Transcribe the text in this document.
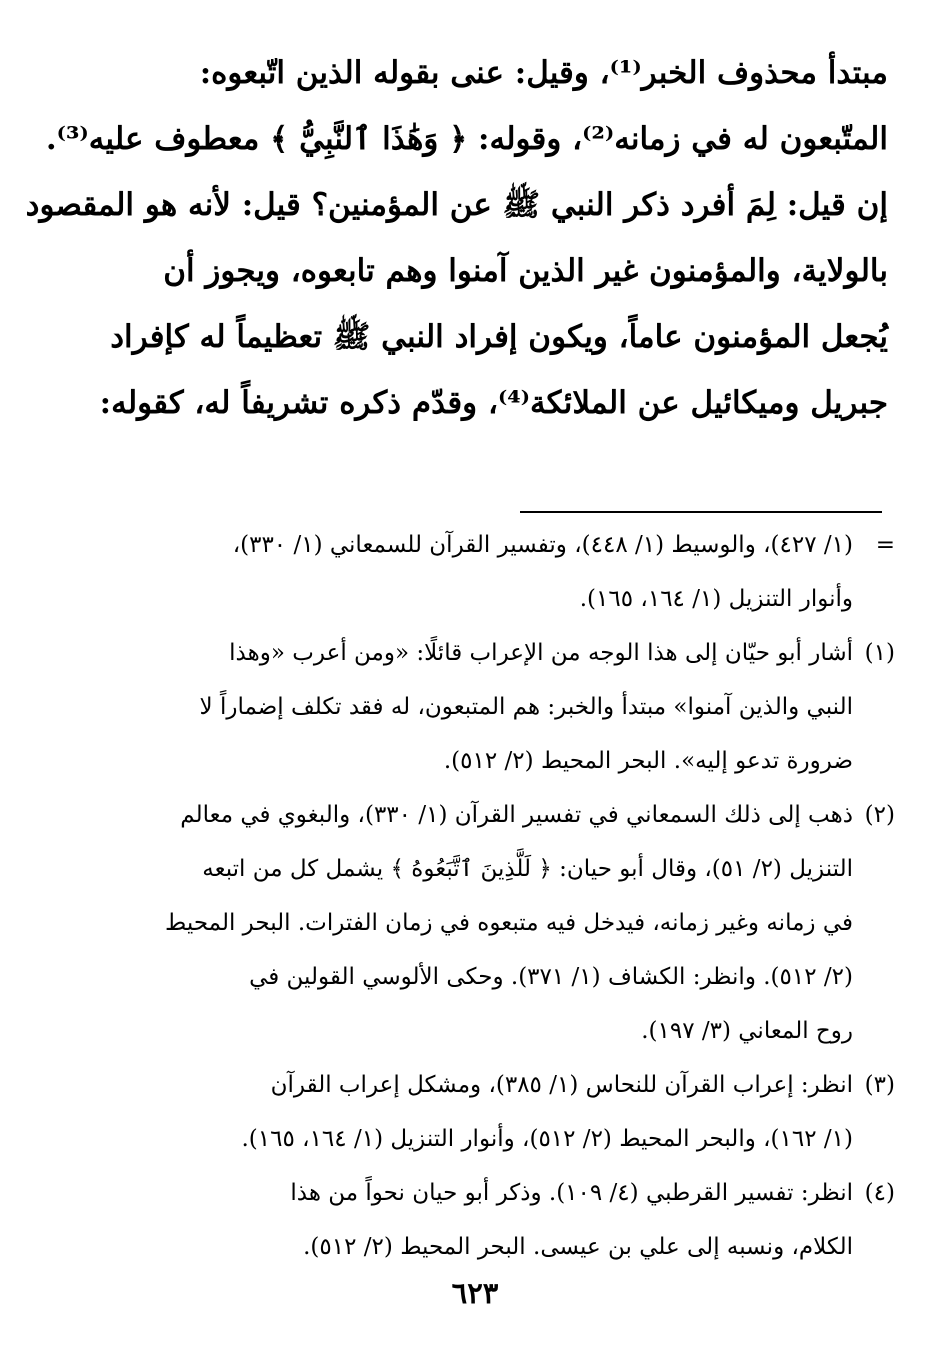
مبتدأ محذوف الخبر⁽¹⁾، وقيل: عنى بقوله الذين اتّبعوه:
المتّبعون له في زمانه⁽²⁾، وقوله: ﴿ وَهَٰذَا ٱلنَّبِيُّ ﴾ معطوف عليه⁽³⁾.
إن قيل: لِمَ أفرد ذكر النبي ﷺ عن المؤمنين؟ قيل: لأنه هو المقصود
بالولاية، والمؤمنون غير الذين آمنوا وهم تابعوه، ويجوز أن
يُجعل المؤمنون عاماً، ويكون إفراد النبي ﷺ تعظيماً له كإفراد
جبريل وميكائيل عن الملائكة⁽⁴⁾، وقدّم ذكره تشريفاً له، كقوله:
=
(١/ ٤٢٧)، والوسيط (١/ ٤٤٨)، وتفسير القرآن للسمعاني (١/ ٣٣٠)،
وأنوار التنزيل (١/ ١٦٤، ١٦٥).
(١)
أشار أبو حيّان إلى هذا الوجه من الإعراب قائلًا: «ومن أعرب «وهذا
النبي والذين آمنوا» مبتدأ والخبر: هم المتبعون، له فقد تكلف إضماراً لا
ضرورة تدعو إليه». البحر المحيط (٢/ ٥١٢).
(٢)
ذهب إلى ذلك السمعاني في تفسير القرآن (١/ ٣٣٠)، والبغوي في معالم
التنزيل (٢/ ٥١)، وقال أبو حيان: ﴿ لَلَّذِينَ ٱتَّبَعُوهُ ﴾ يشمل كل من اتبعه
في زمانه وغير زمانه، فيدخل فيه متبعوه في زمان الفترات. البحر المحيط
(٢/ ٥١٢). وانظر: الكشاف (١/ ٣٧١). وحكى الألوسي القولين في
روح المعاني (٣/ ١٩٧).
(٣)
انظر: إعراب القرآن للنحاس (١/ ٣٨٥)، ومشكل إعراب القرآن
(١/ ١٦٢)، والبحر المحيط (٢/ ٥١٢)، وأنوار التنزيل (١/ ١٦٤، ١٦٥).
(٤)
انظر: تفسير القرطبي (٤/ ١٠٩). وذكر أبو حيان نحواً من هذا
الكلام، ونسبه إلى علي بن عيسى. البحر المحيط (٢/ ٥١٢).
٦٢٣
